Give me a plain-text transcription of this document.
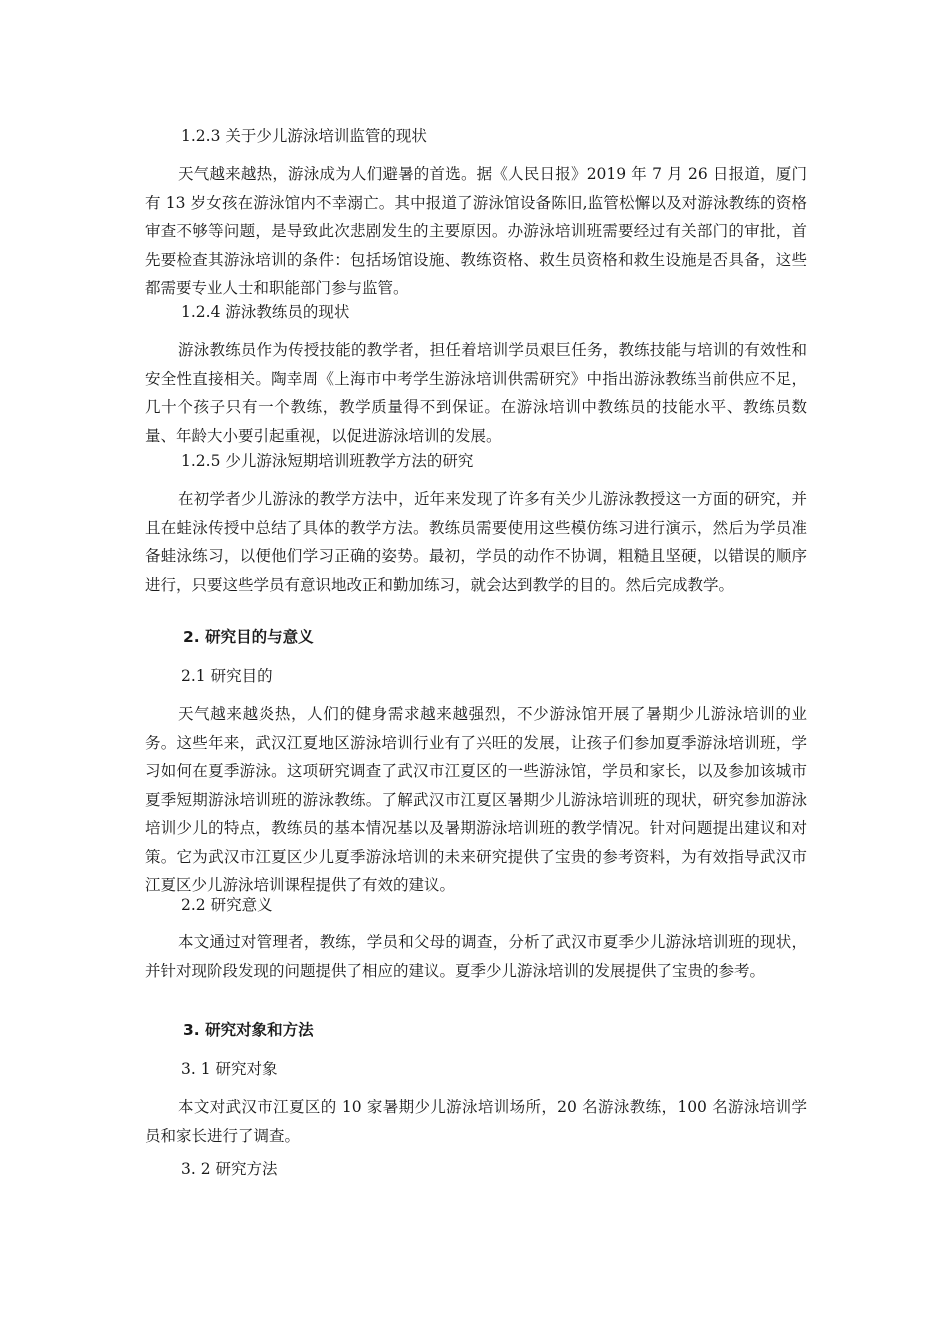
1.2.3 关于少儿游泳培训监管的现状

天气越来越热，游泳成为人们避暑的首选。据《人民日报》2019 年 7 月 26 日报道，厦门有 13 岁女孩在游泳馆内不幸溺亡。其中报道了游泳馆设备陈旧,监管松懈以及对游泳教练的资格审查不够等问题，是导致此次悲剧发生的主要原因。办游泳培训班需要经过有关部门的审批，首先要检查其游泳培训的条件：包括场馆设施、教练资格、救生员资格和救生设施是否具备，这些都需要专业人士和职能部门参与监管。

1.2.4 游泳教练员的现状

游泳教练员作为传授技能的教学者，担任着培训学员艰巨任务，教练技能与培训的有效性和安全性直接相关。陶幸周《上海市中考学生游泳培训供需研究》中指出游泳教练当前供应不足，几十个孩子只有一个教练，教学质量得不到保证。在游泳培训中教练员的技能水平、教练员数量、年龄大小要引起重视，以促进游泳培训的发展。

1.2.5 少儿游泳短期培训班教学方法的研究

在初学者少儿游泳的教学方法中，近年来发现了许多有关少儿游泳教授这一方面的研究，并且在蛙泳传授中总结了具体的教学方法。教练员需要使用这些模仿练习进行演示，然后为学员准备蛙泳练习，以便他们学习正确的姿势。最初，学员的动作不协调，粗糙且坚硬，以错误的顺序进行，只要这些学员有意识地改正和勤加练习，就会达到教学的目的。然后完成教学。

2. 研究目的与意义
2.1 研究目的

天气越来越炎热，人们的健身需求越来越强烈，不少游泳馆开展了暑期少儿游泳培训的业务。这些年来，武汉江夏地区游泳培训行业有了兴旺的发展，让孩子们参加夏季游泳培训班，学习如何在夏季游泳。这项研究调查了武汉市江夏区的一些游泳馆，学员和家长，以及参加该城市夏季短期游泳培训班的游泳教练。了解武汉市江夏区暑期少儿游泳培训班的现状，研究参加游泳培训少儿的特点，教练员的基本情况基以及暑期游泳培训班的教学情况。针对问题提出建议和对策。它为武汉市江夏区少儿夏季游泳培训的未来研究提供了宝贵的参考资料，为有效指导武汉市江夏区少儿游泳培训课程提供了有效的建议。

2.2 研究意义

本文通过对管理者，教练，学员和父母的调查，分析了武汉市夏季少儿游泳培训班的现状，并针对现阶段发现的问题提供了相应的建议。夏季少儿游泳培训的发展提供了宝贵的参考。

3. 研究对象和方法
3. 1 研究对象

本文对武汉市江夏区的 10 家暑期少儿游泳培训场所，20 名游泳教练，100 名游泳培训学员和家长进行了调查。

3. 2 研究方法
